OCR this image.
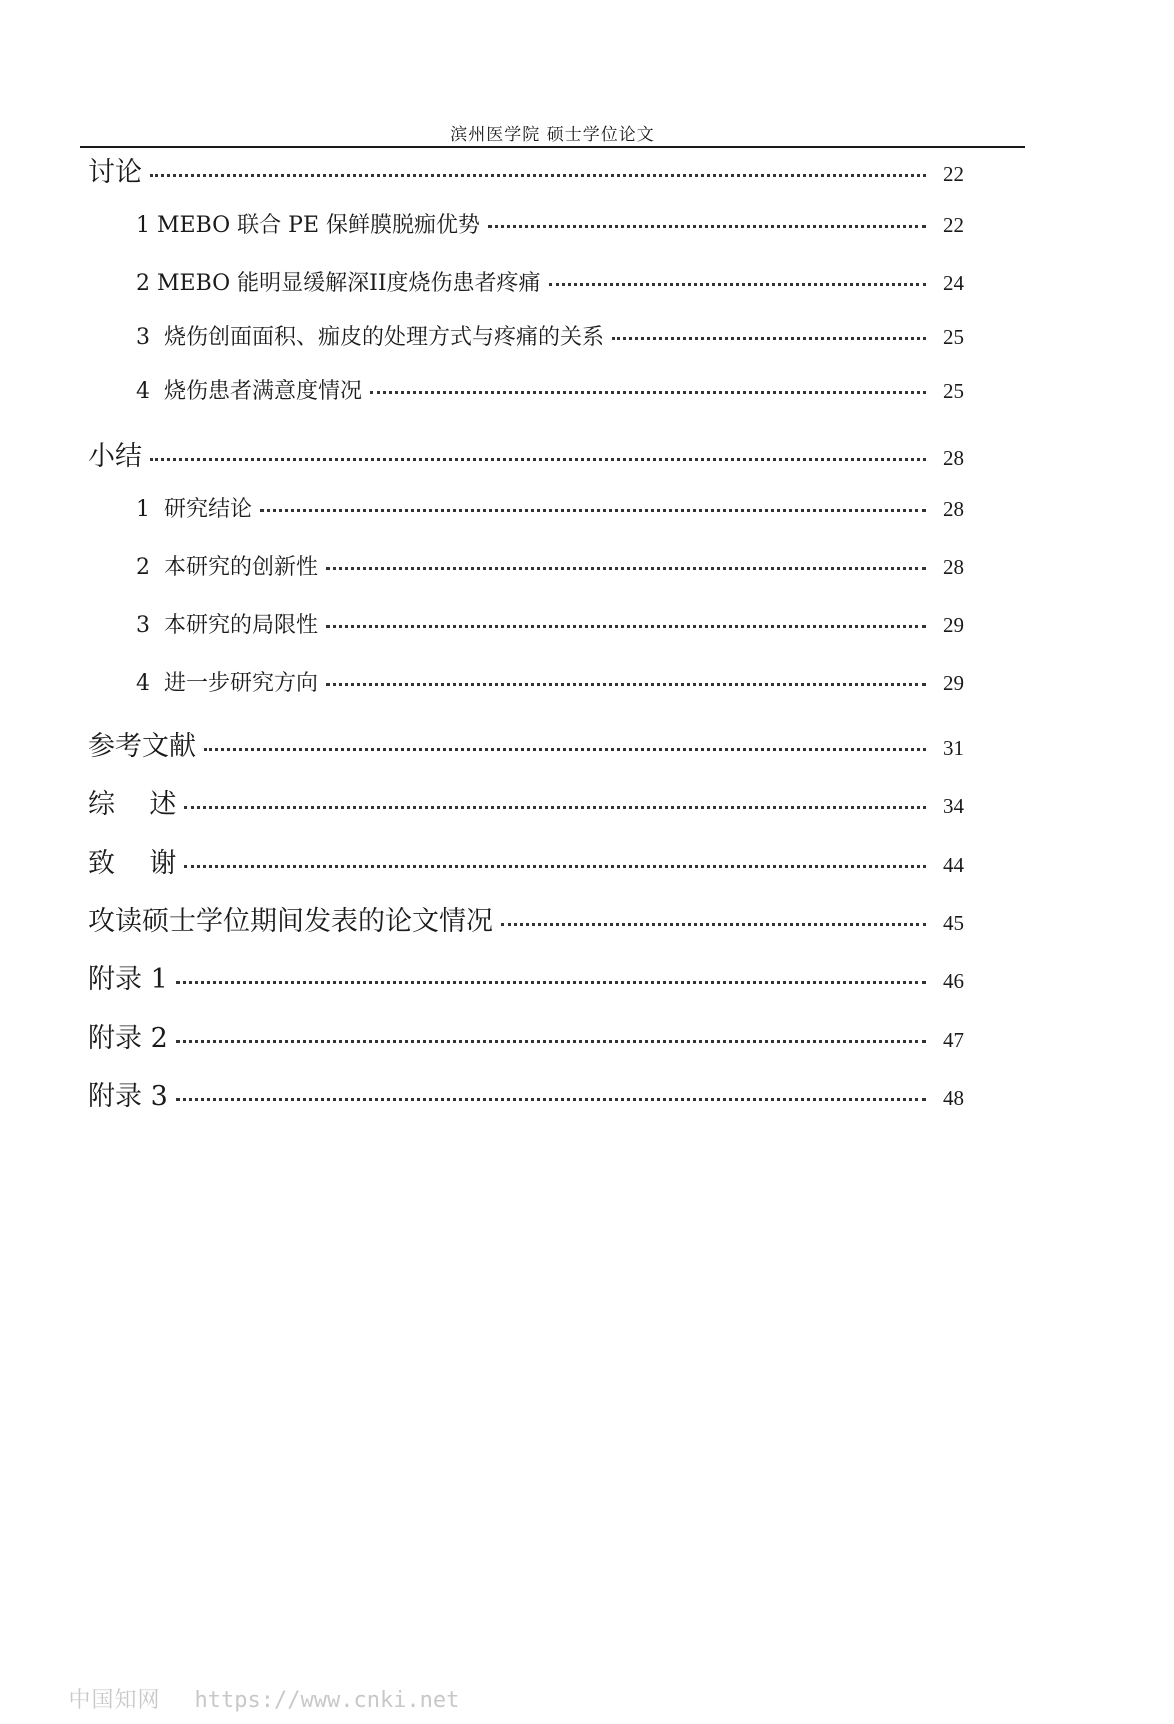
滨州医学院 硕士学位论文
讨论	22
1 MEBO 联合 PE 保鲜膜脱痂优势	22
2 MEBO 能明显缓解深II度烧伤患者疼痛	24
3  烧伤创面面积、痂皮的处理方式与疼痛的关系	25
4  烧伤患者满意度情况	25
小结	28
1  研究结论	28
2  本研究的创新性	28
3  本研究的局限性	29
4  进一步研究方向	29
参考文献	31
综    述	34
致    谢	44
攻读硕士学位期间发表的论文情况	45
附录 1	46
附录 2	47
附录 3	48

中国知网 https://www.cnki.net
